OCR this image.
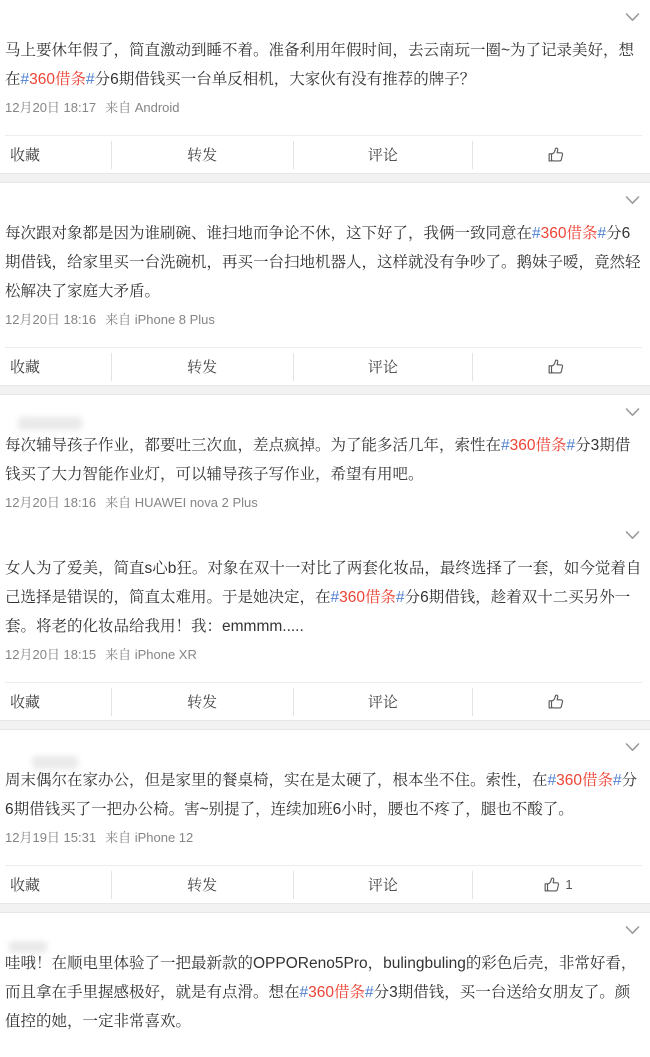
马上要休年假了，简直激动到睡不着。准备利用年假时间，去云南玩一圈~为了记录美好，想在#360借条#分6期借钱买一台单反相机，大家伙有没有推荐的牌子？
12月20日 18:17 来自 Android
收藏	转发	评论
每次跟对象都是因为谁刷碗、谁扫地而争论不休，这下好了，我俩一致同意在#360借条#分6期借钱，给家里买一台洗碗机，再买一台扫地机器人，这样就没有争吵了。鹅妹子嗳，竟然轻松解决了家庭大矛盾。
12月20日 18:16 来自 iPhone 8 Plus
收藏	转发	评论
每次辅导孩子作业，都要吐三次血，差点疯掉。为了能多活几年，索性在#360借条#分3期借钱买了大力智能作业灯，可以辅导孩子写作业，希望有用吧。
12月20日 18:16 来自 HUAWEI nova 2 Plus
女人为了爱美，简直s心b狂。对象在双十一对比了两套化妆品，最终选择了一套，如今觉着自己选择是错误的，简直太难用。于是她决定，在#360借条#分6期借钱，趁着双十二买另外一套。将老的化妆品给我用！我：emmmm.....
12月20日 18:15 来自 iPhone XR
收藏	转发	评论
周末偶尔在家办公，但是家里的餐桌椅，实在是太硬了，根本坐不住。索性，在#360借条#分6期借钱买了一把办公椅。害~别提了，连续加班6小时，腰也不疼了，腿也不酸了。
12月19日 15:31 来自 iPhone 12
收藏	转发	评论	1
哇哦！在顺电里体验了一把最新款的OPPOReno5Pro，bulingbuling的彩色后壳，非常好看，而且拿在手里握感极好，就是有点滑。想在#360借条#分3期借钱，买一台送给女朋友了。颜值控的她，一定非常喜欢。
